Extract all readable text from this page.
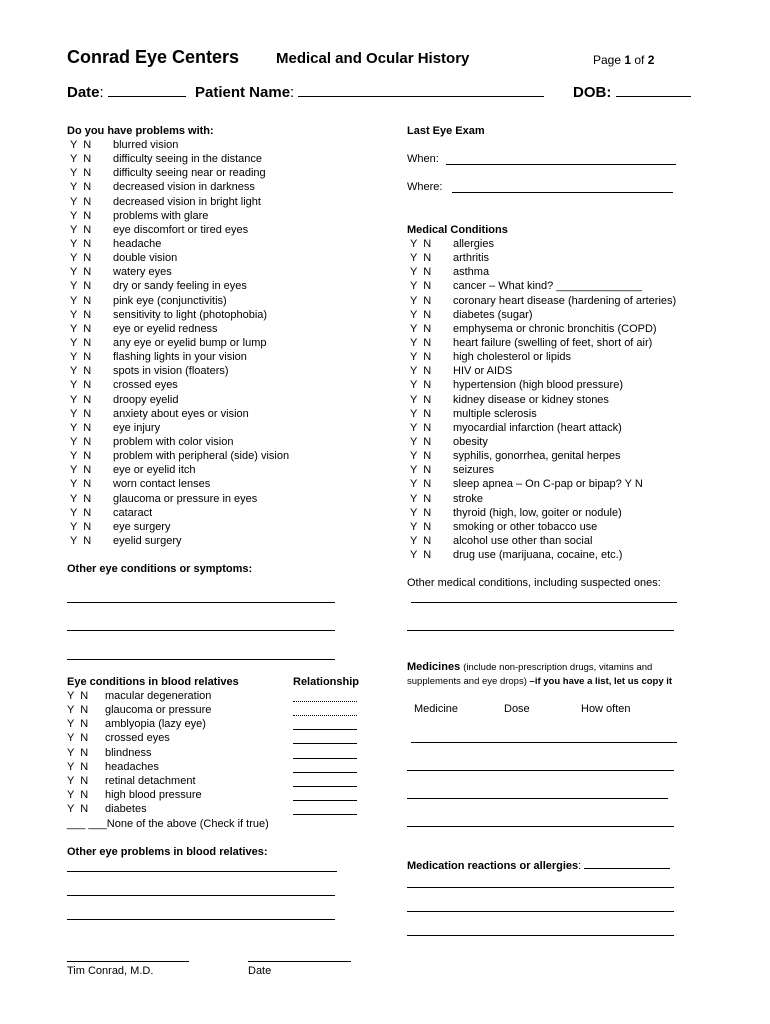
Conrad Eye Centers Medical and Ocular History	Page 1 of 2
Date:	Patient Name:	DOB:
Do you have problems with:
Y  N blurred vision
Y  N difficulty seeing in the distance
Y  N difficulty seeing near or reading
Y  N decreased vision in darkness
Y  N decreased vision in bright light
Y  N problems with glare
Y  N eye discomfort or tired eyes
Y  N headache
Y  N double vision
Y  N watery eyes
Y  N dry or sandy feeling in eyes
Y  N pink eye (conjunctivitis)
Y  N sensitivity to light (photophobia)
Y  N eye or eyelid redness
Y  N any eye or eyelid bump or lump
Y  N flashing lights in your vision
Y  N spots in vision (floaters)
Y  N crossed eyes
Y  N droopy eyelid
Y  N anxiety about eyes or vision
Y  N eye injury
Y  N problem with color vision
Y  N problem with peripheral (side) vision
Y  N eye or eyelid itch
Y  N worn contact lenses
Y  N glaucoma or pressure in eyes
Y  N cataract
Y  N eye surgery
Y  N eyelid surgery
Other eye conditions or symptoms:
Eye conditions in blood relatives	Relationship
Y  N macular degeneration
Y  N glaucoma or pressure
Y  N amblyopia (lazy eye)
Y  N crossed eyes
Y  N blindness
Y  N headaches
Y  N retinal detachment
Y  N high blood pressure
Y  N diabetes
___ ___None of the above (Check if true)
Other eye problems in blood relatives:
Tim Conrad, M.D.	Date
Last Eye Exam
When:
Where:
Medical Conditions
Y  N allergies
Y  N arthritis
Y  N asthma
Y  N cancer – What kind? ______________
Y  N coronary heart disease (hardening of arteries)
Y  N diabetes (sugar)
Y  N emphysema or chronic bronchitis (COPD)
Y  N heart failure (swelling of feet, short of air)
Y  N high cholesterol or lipids
Y  N HIV or AIDS
Y  N hypertension (high blood pressure)
Y  N kidney disease or kidney stones
Y  N multiple sclerosis
Y  N myocardial infarction (heart attack)
Y  N obesity
Y  N syphilis, gonorrhea, genital herpes
Y  N seizures
Y  N sleep apnea – On C-pap or bipap? Y N
Y  N stroke
Y  N thyroid (high, low, goiter or nodule)
Y  N smoking or other tobacco use
Y  N alcohol use other than social
Y  N drug use (marijuana, cocaine, etc.)
Other medical conditions, including suspected ones:
Medicines (include non-prescription drugs, vitamins and
supplements and eye drops) –if you have a list, let us copy it
Medicine	Dose	How often
Medication reactions or allergies:
